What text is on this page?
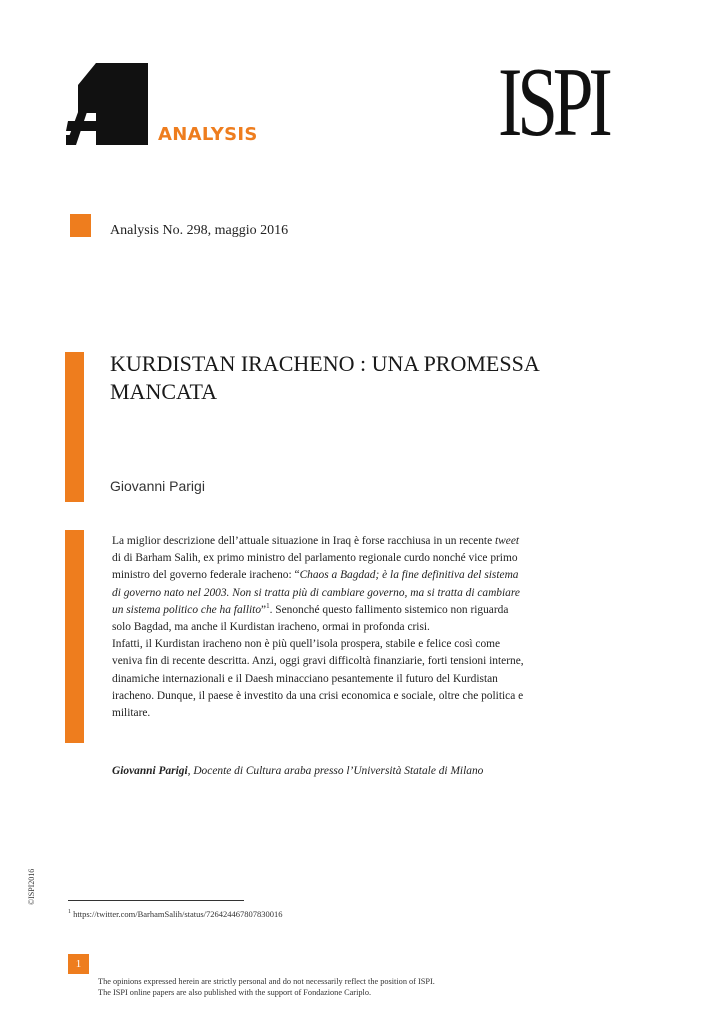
ANALYSIS ISPI
Analysis No. 298, maggio 2016
KURDISTAN IRACHENO : UNA PROMESSA MANCATA
Giovanni Parigi
La miglior descrizione dell’attuale situazione in Iraq è forse racchiusa in un recente tweet di di Barham Salih, ex primo ministro del parlamento regionale curdo nonché vice primo ministro del governo federale iracheno: “Chaos a Bagdad; è la fine definitiva del sistema di governo nato nel 2003. Non si tratta più di cambiare governo, ma si tratta di cambiare un sistema politico che ha fallito”$^1$. Senonché questo fallimento sistemico non riguarda solo Bagdad, ma anche il Kurdistan iracheno, ormai in profonda crisi.
Infatti, il Kurdistan iracheno non è più quell’isola prospera, stabile e felice così come veniva fin di recente descritta. Anzi, oggi gravi difficoltà finanziarie, forti tensioni interne, dinamiche internazionali e il Daesh minacciano pesantemente il futuro del Kurdistan iracheno. Dunque, il paese è investito da una crisi economica e sociale, oltre che politica e militare.
Giovanni Parigi, Docente di Cultura araba presso l’Università Statale di Milano
©ISPI2016
$^1$ https://twitter.com/BarhamSalih/status/726424467807830016
1
The opinions expressed herein are strictly personal and do not necessarily reflect the position of ISPI.
The ISPI online papers are also published with the support of Fondazione Cariplo.
